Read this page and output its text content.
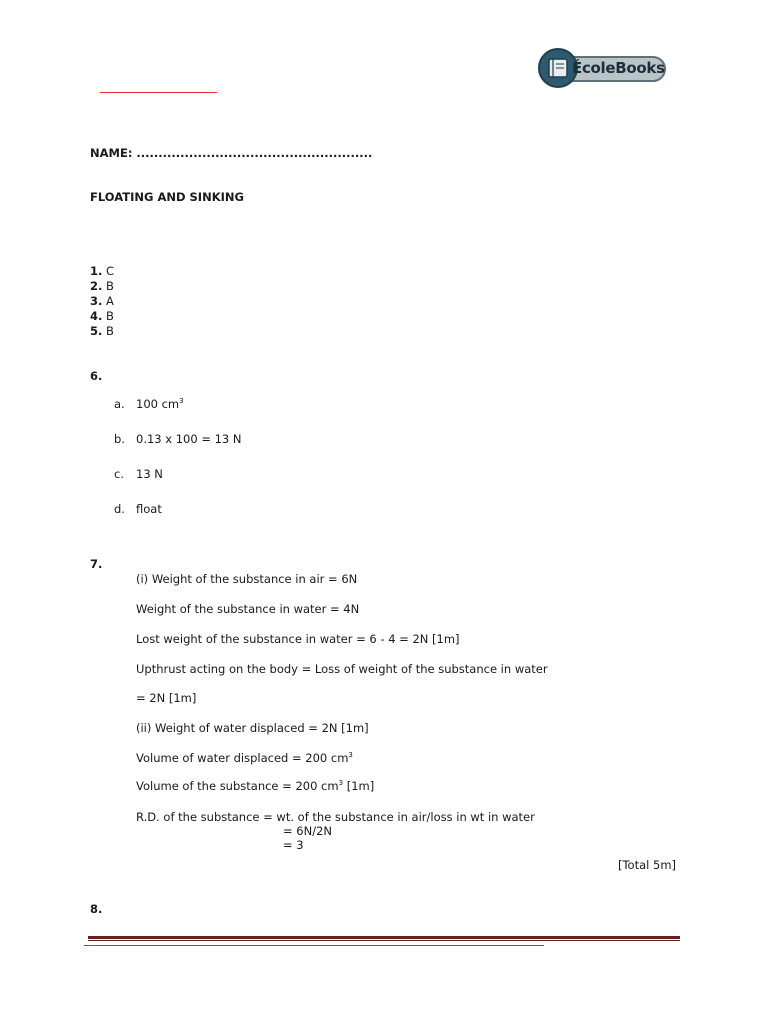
ÉcoleBooks
NAME: ......................................................
FLOATING AND SINKING
1. C
2. B
3. A
4. B
5. B
6.
a. 100 $cm^3$
b. 0.13 x 100 = 13 N
c. 13 N
d. float
7.
(i) Weight of the substance in air = 6N
Weight of the substance in water = 4N
Lost weight of the substance in water = 6 - 4 = 2N [1m]
Upthrust acting on the body = Loss of weight of the substance in water
= 2N [1m]
(ii) Weight of water displaced = 2N [1m]
Volume of water displaced = 200 $cm^3$
Volume of the substance = 200 $cm^3$ [1m]
R.D. of the substance = wt. of the substance in air/loss in wt in water
= 6N/2N
= 3
[Total 5m]
8.
